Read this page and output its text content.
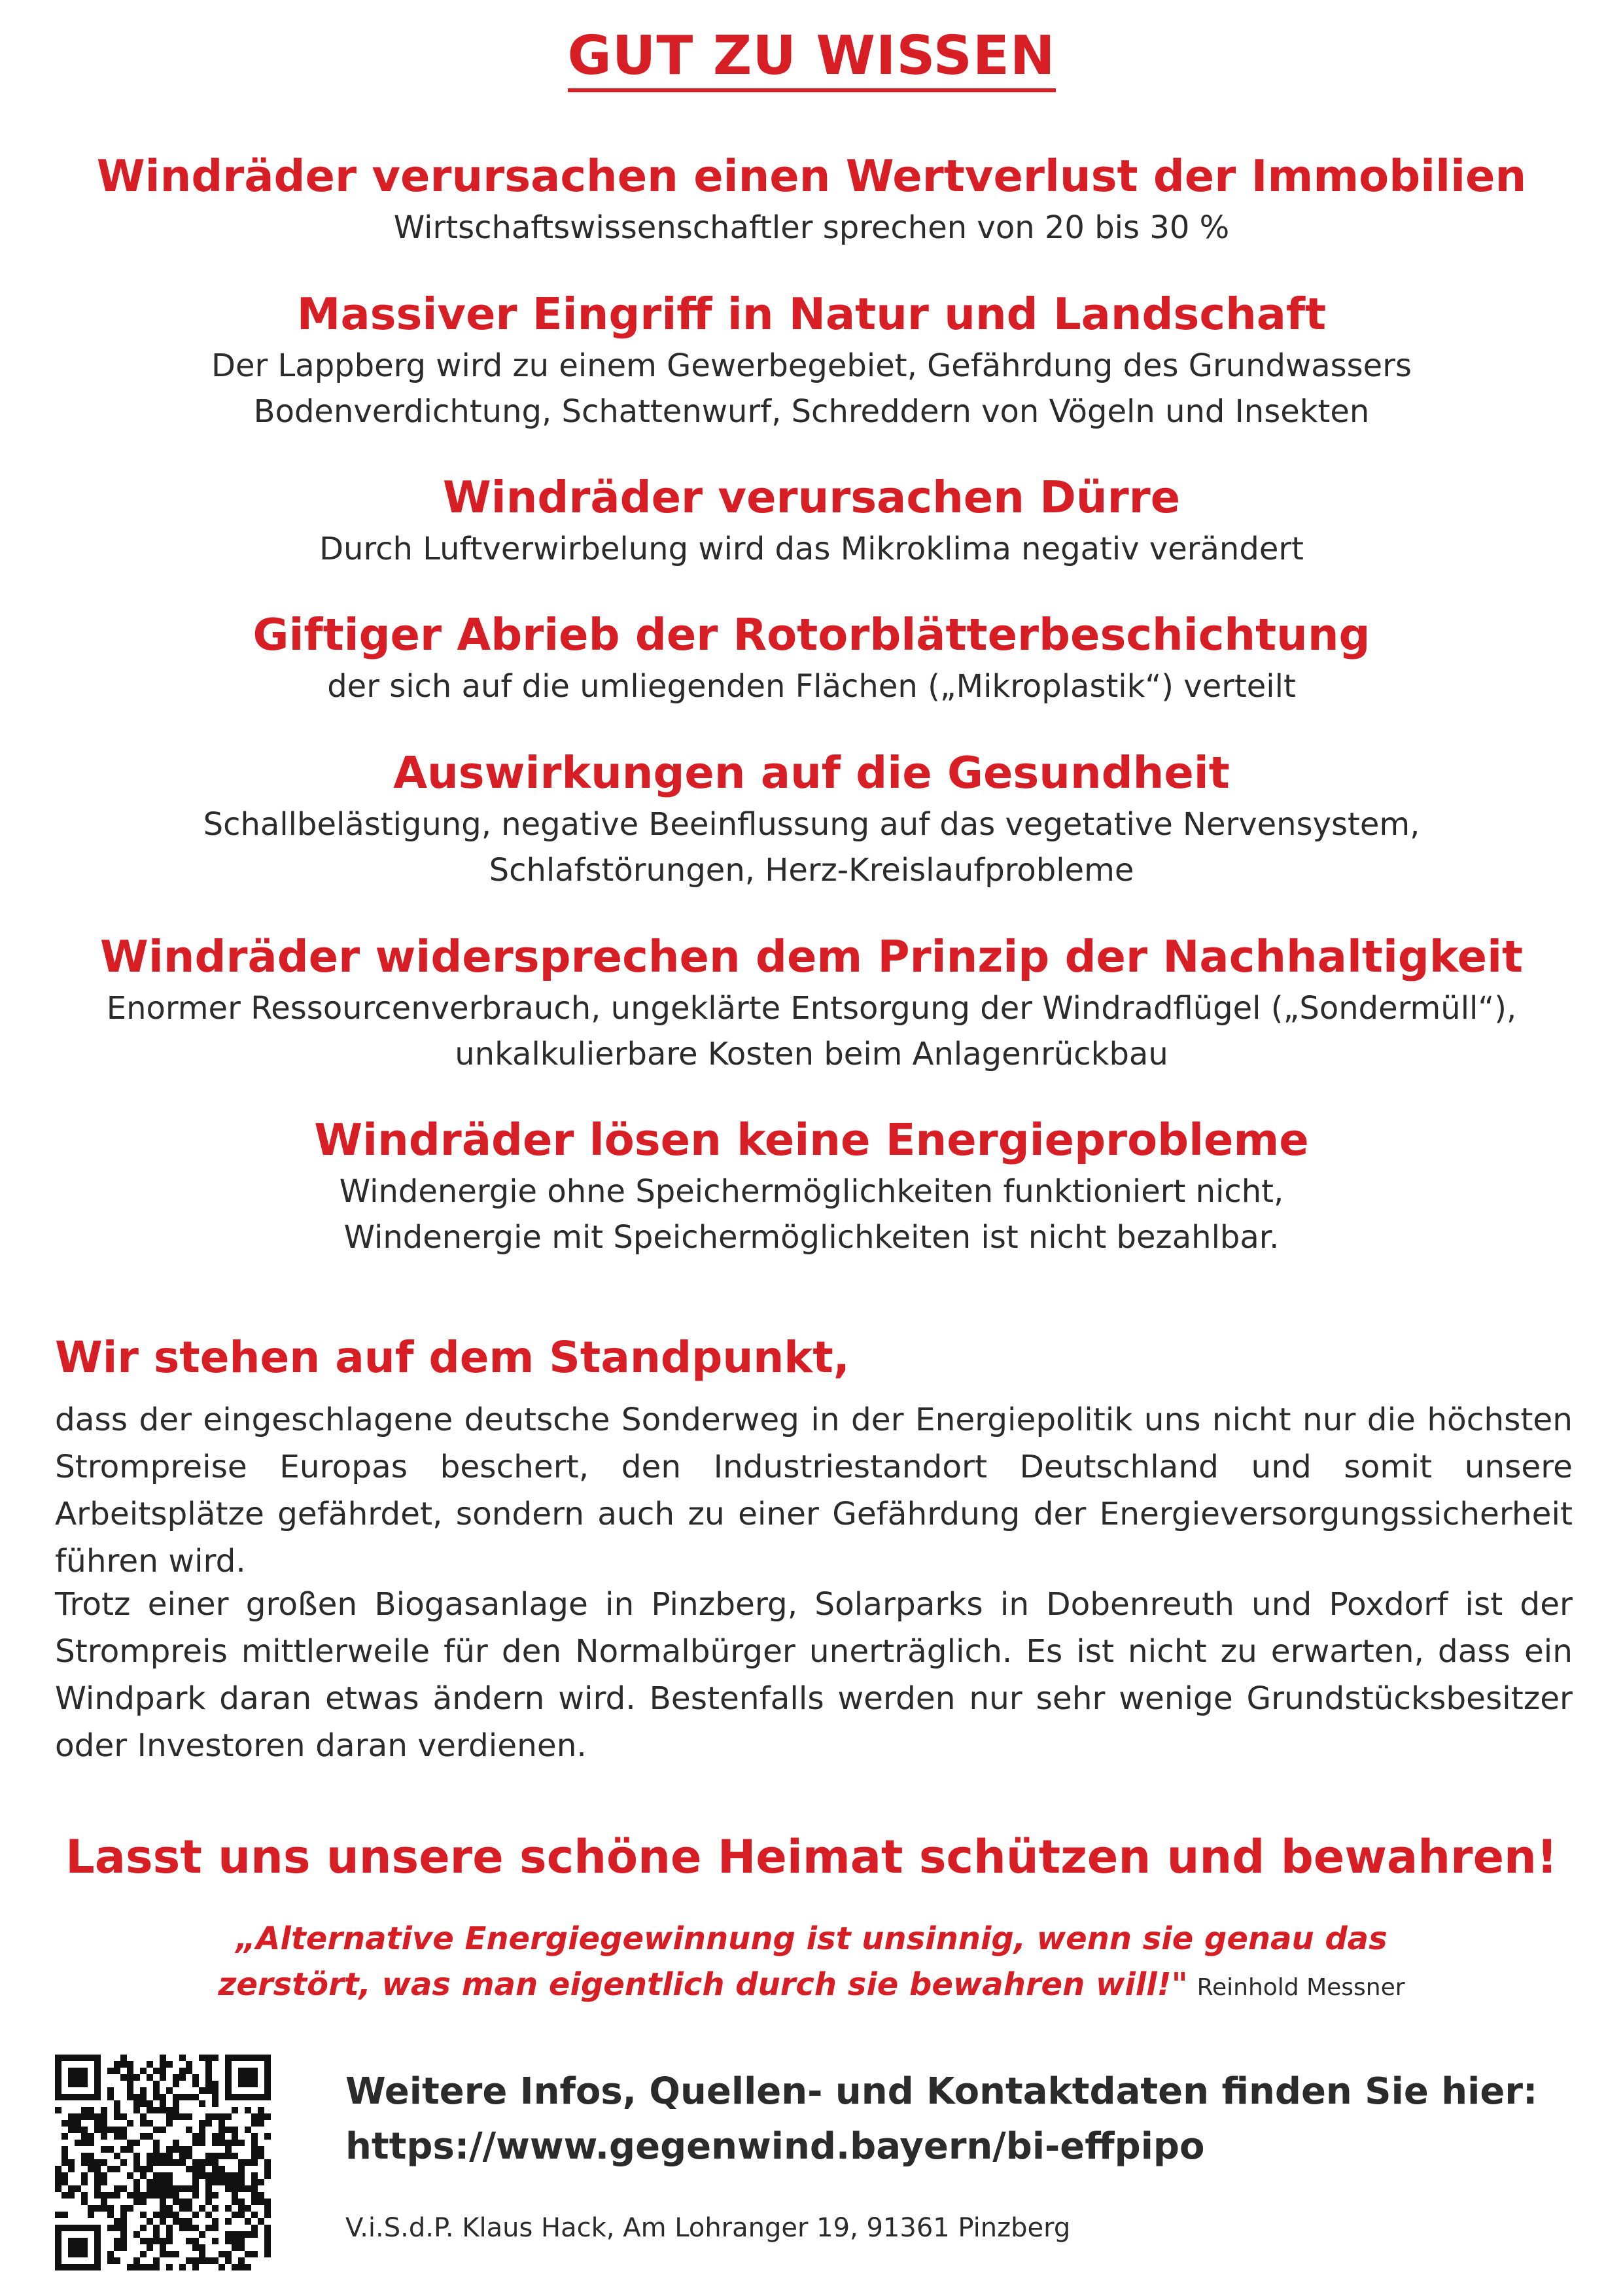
GUT ZU WISSEN
Windräder verursachen einen Wertverlust der Immobilien
Wirtschaftswissenschaftler sprechen von 20 bis 30 %
Massiver Eingriff in Natur und Landschaft
Der Lappberg wird zu einem Gewerbegebiet, Gefährdung des Grundwassers
Bodenverdichtung, Schattenwurf, Schreddern von Vögeln und Insekten
Windräder verursachen Dürre
Durch Luftverwirbelung wird das Mikroklima negativ verändert
Giftiger Abrieb der Rotorblätterbeschichtung
der sich auf die umliegenden Flächen („Mikroplastik“) verteilt
Auswirkungen auf die Gesundheit
Schallbelästigung, negative Beeinflussung auf das vegetative Nervensystem,
Schlafstörungen, Herz-Kreislaufprobleme
Windräder widersprechen dem Prinzip der Nachhaltigkeit
Enormer Ressourcenverbrauch, ungeklärte Entsorgung der Windradflügel („Sondermüll“),
unkalkulierbare Kosten beim Anlagenrückbau
Windräder lösen keine Energieprobleme
Windenergie ohne Speichermöglichkeiten funktioniert nicht,
Windenergie mit Speichermöglichkeiten ist nicht bezahlbar.
Wir stehen auf dem Standpunkt,

dass der eingeschlagene deutsche Sonderweg in der Energiepolitik uns nicht nur die höchsten Strompreise Europas beschert, den Industriestandort Deutschland und somit unsere Arbeitsplätze gefährdet, sondern auch zu einer Gefährdung der Energieversorgungssicherheit führen wird.

Trotz einer großen Biogasanlage in Pinzberg, Solarparks in Dobenreuth und Poxdorf ist der Strompreis mittlerweile für den Normalbürger unerträglich. Es ist nicht zu erwarten, dass ein Windpark daran etwas ändern wird. Bestenfalls werden nur sehr wenige Grundstücksbesitzer oder Investoren daran verdienen.

Lasst uns unsere schöne Heimat schützen und bewahren!
„Alternative Energiegewinnung ist unsinnig, wenn sie genau das
zerstört, was man eigentlich durch sie bewahren will!" Reinhold Messner
Weitere Infos, Quellen- und Kontaktdaten finden Sie hier:
https://www.gegenwind.bayern/bi-effpipo
V.i.S.d.P. Klaus Hack, Am Lohranger 19, 91361 Pinzberg
